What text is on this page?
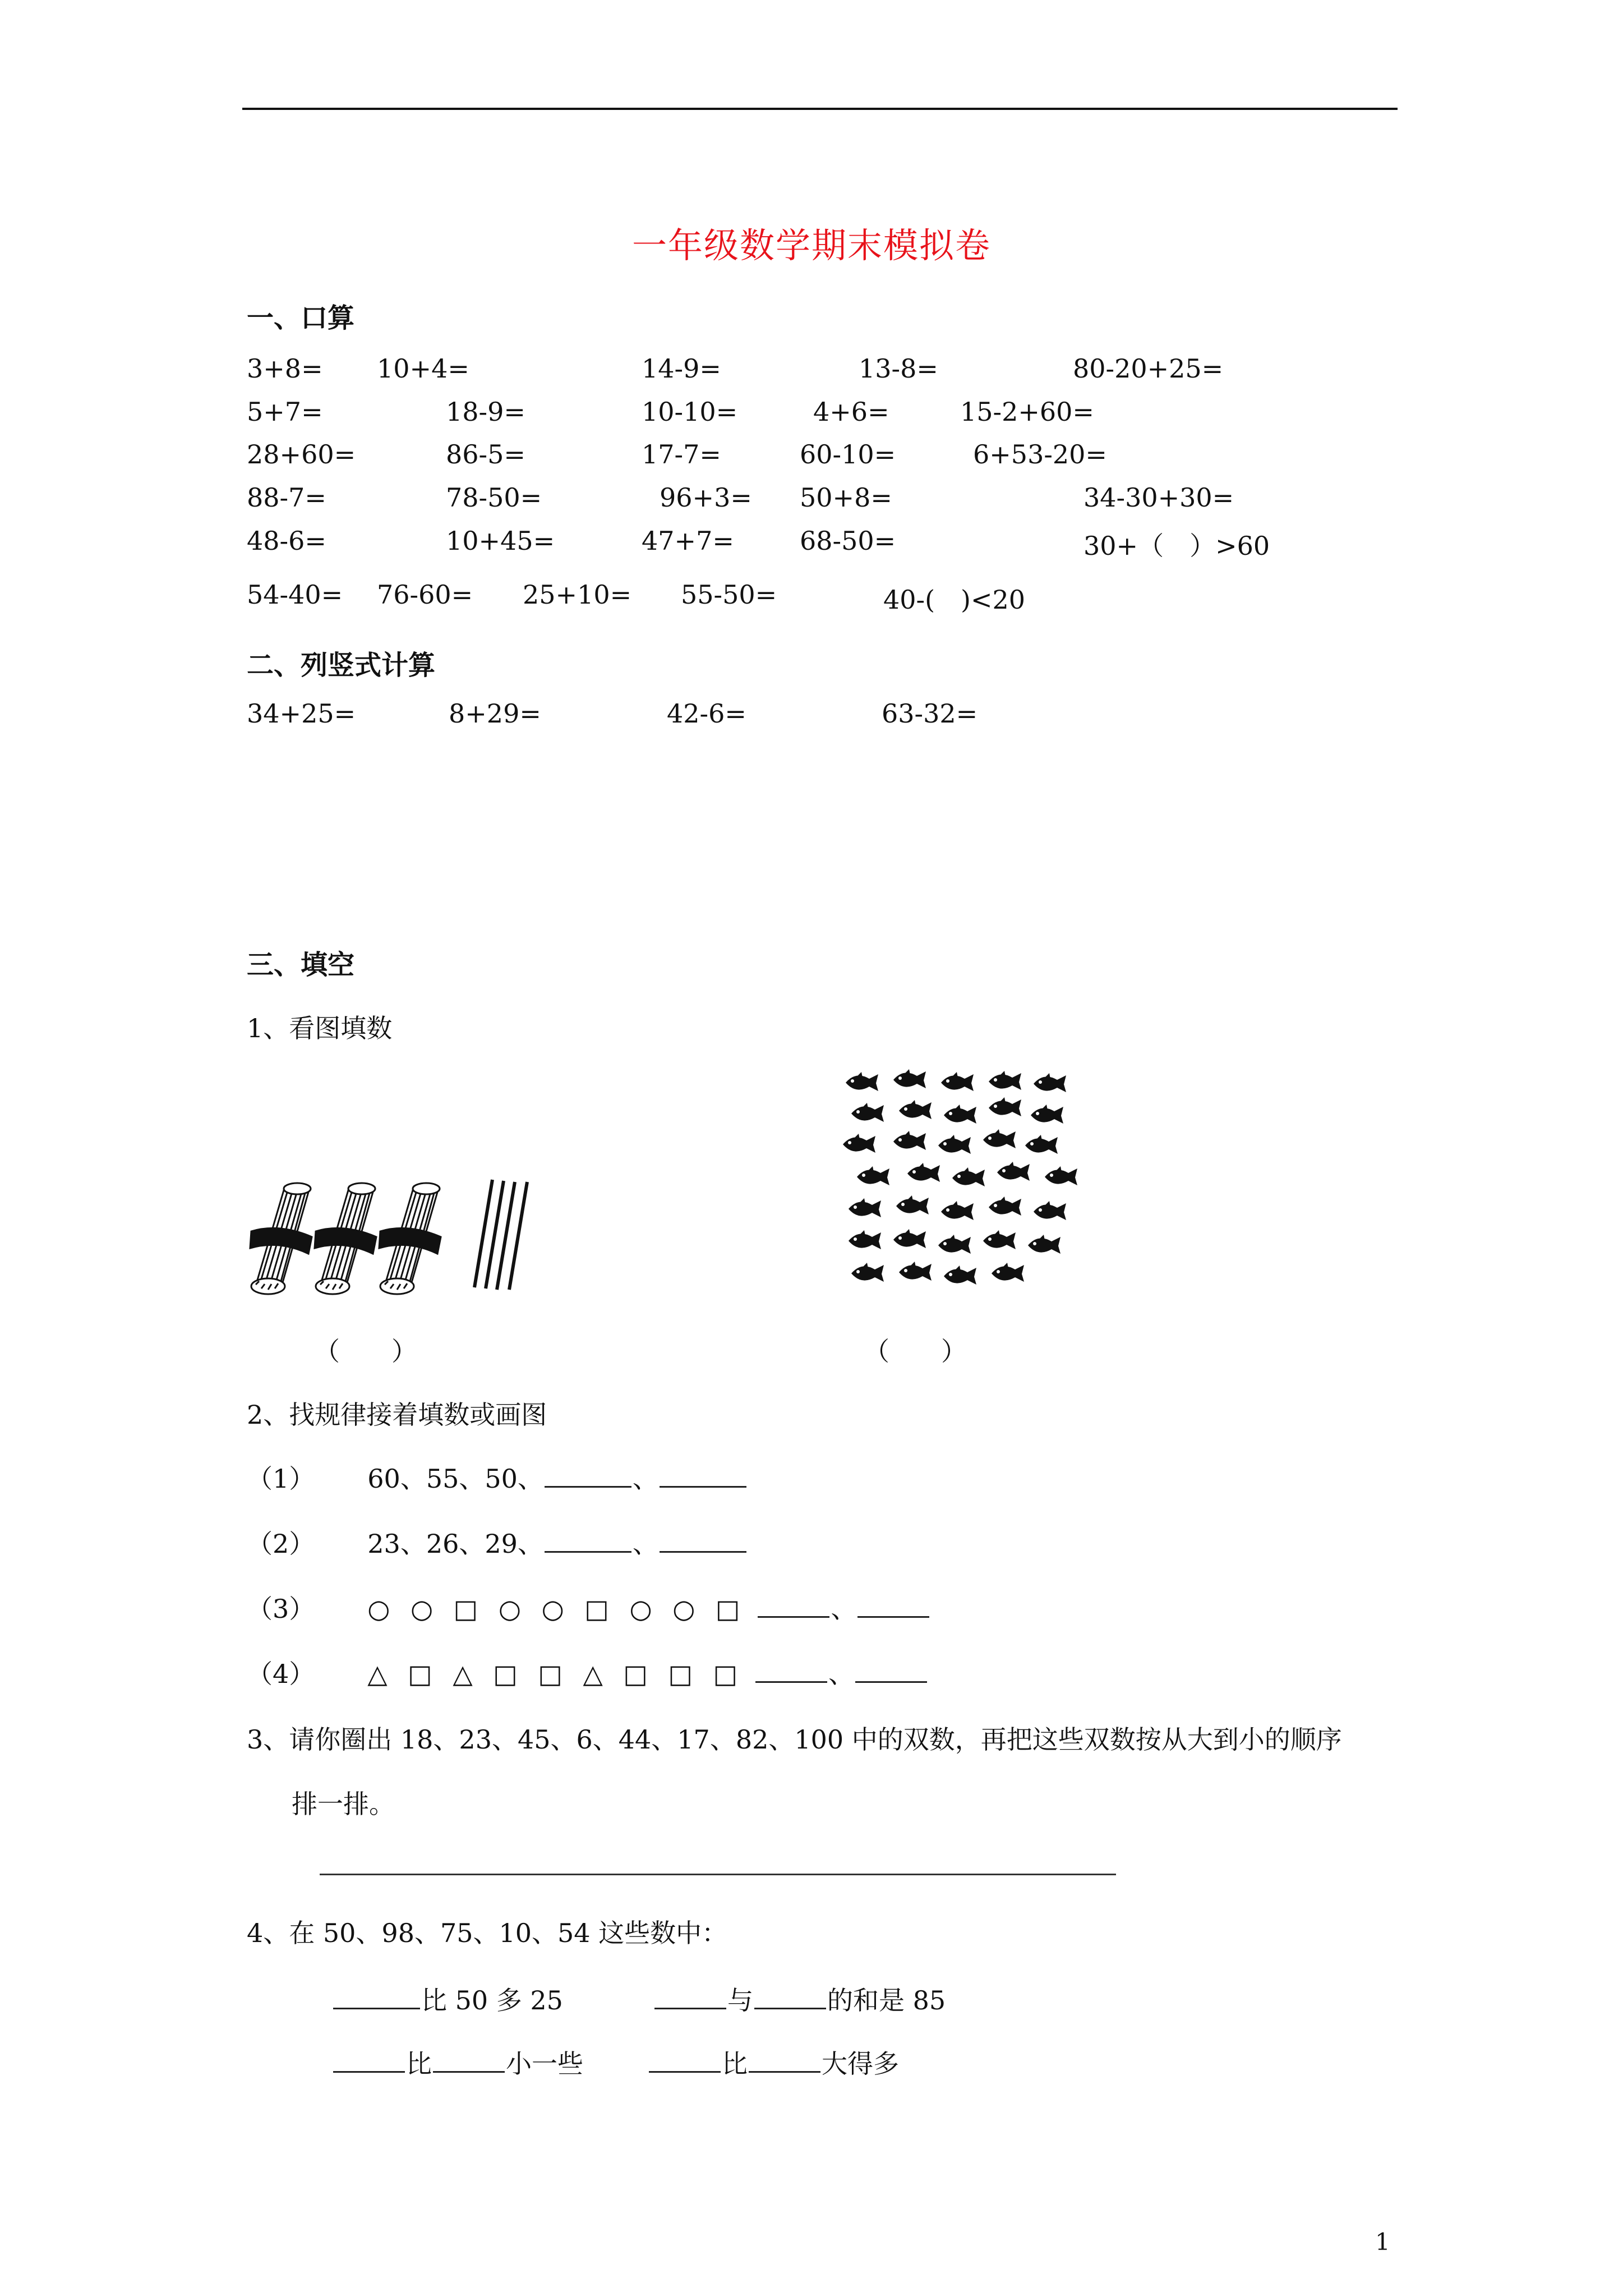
一年级数学期末模拟卷
一、口算
3+8= 10+4=	14-9=	13-8=	80-20+25=
5+7=	18-9=	10-10=	4+6=	15-2+60=
28+60=	86-5=	17-7=	60-10=	6+53-20=
88-7=	78-50=	96+3= 50+8=	34-30+30=
48-6=	10+45=	47+7=	68-50=	30+（　）>60
54-40= 76-60= 25+10= 55-50=	40-(　)<20
二、列竖式计算
34+25=	8+29=	42-6=	63-32=
三、填空
1、看图填数
（　　）	（　　）
2、找规律接着填数或画图
（1） 60、55、50、	、
（2） 23、26、29、	、
（3） ○ ○ □ ○ ○ □ ○ ○ □	、
（4） △ □ △ □ □ △ □ □ □	、
3、请你圈出 18、23、45、6、44、17、82、100 中的双数，再把这些双数按从大到小的顺序
排一排。
4、在 50、98、75、10、54 这些数中：
比 50 多 25	与	的和是 85
比	小一些	比	大得多
1
